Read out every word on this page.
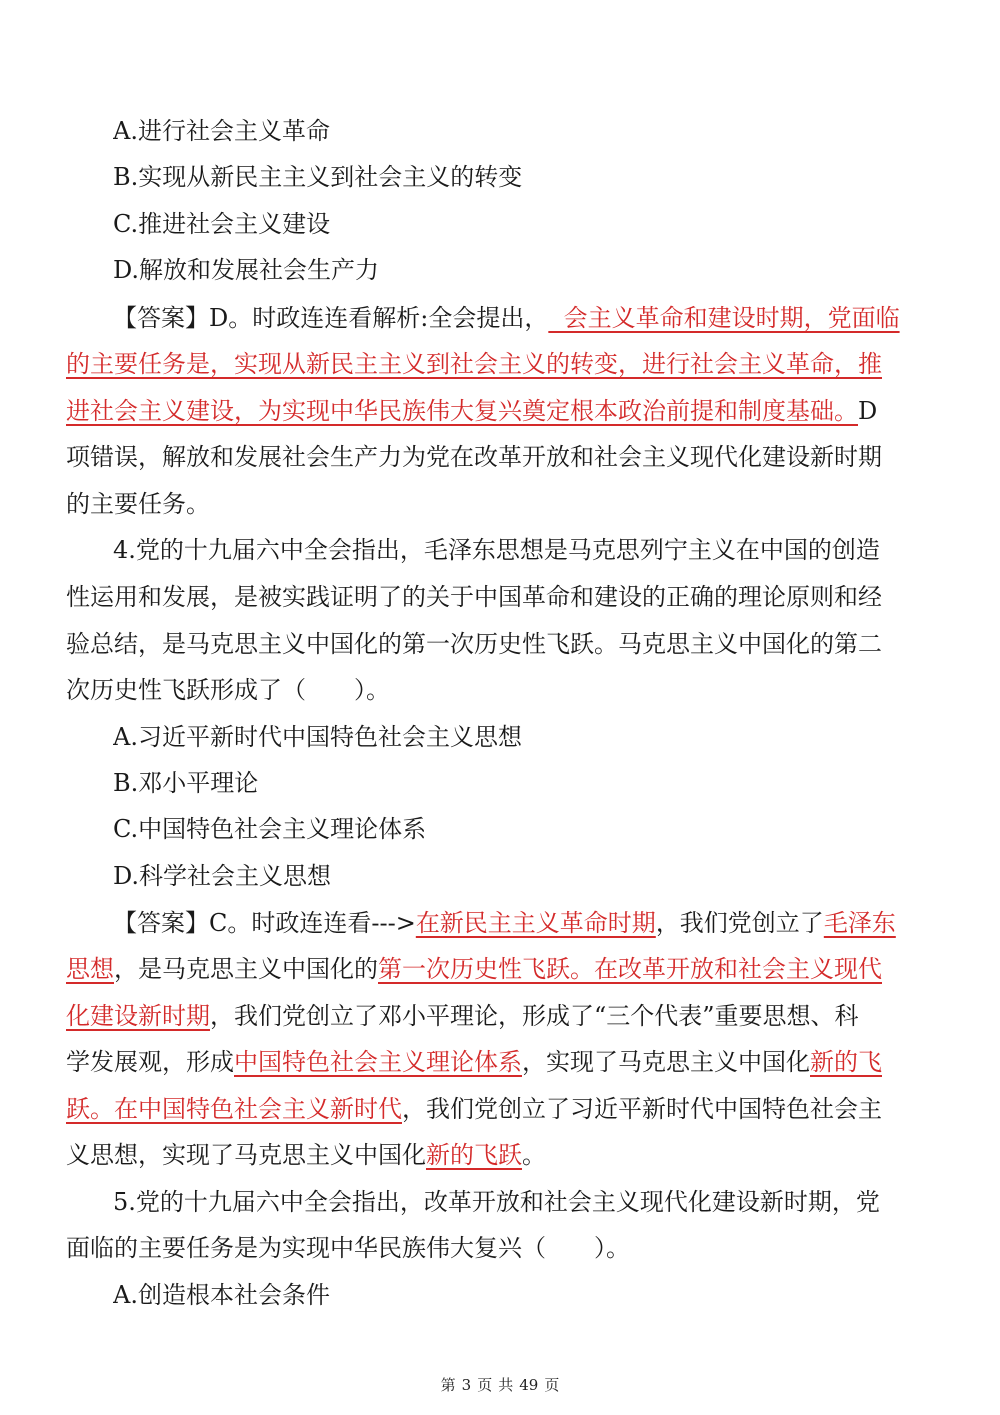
A.进行社会主义革命
B.实现从新民主主义到社会主义的转变
C.推进社会主义建设
D.解放和发展社会生产力
【答案】D。时政连连看解析:全会提出，  会主义革命和建设时期，党面临
的主要任务是，实现从新民主主义到社会主义的转变，进行社会主义革命，推
进社会主义建设，为实现中华民族伟大复兴奠定根本政治前提和制度基础。D
项错误，解放和发展社会生产力为党在改革开放和社会主义现代化建设新时期
的主要任务。
4.党的十九届六中全会指出，毛泽东思想是马克思列宁主义在中国的创造
性运用和发展，是被实践证明了的关于中国革命和建设的正确的理论原则和经
验总结，是马克思主义中国化的第一次历史性飞跃。马克思主义中国化的第二
次历史性飞跃形成了（　　）。
A.习近平新时代中国特色社会主义思想
B.邓小平理论
C.中国特色社会主义理论体系
D.科学社会主义思想
【答案】C。时政连连看--->在新民主主义革命时期，我们党创立了毛泽东
思想，是马克思主义中国化的第一次历史性飞跃。在改革开放和社会主义现代
化建设新时期，我们党创立了邓小平理论，形成了“三个代表”重要思想、科
学发展观，形成中国特色社会主义理论体系，实现了马克思主义中国化新的飞
跃。在中国特色社会主义新时代，我们党创立了习近平新时代中国特色社会主
义思想，实现了马克思主义中国化新的飞跃。
5.党的十九届六中全会指出，改革开放和社会主义现代化建设新时期，党
面临的主要任务是为实现中华民族伟大复兴（　　）。
A.创造根本社会条件
第 3 页 共 49 页
